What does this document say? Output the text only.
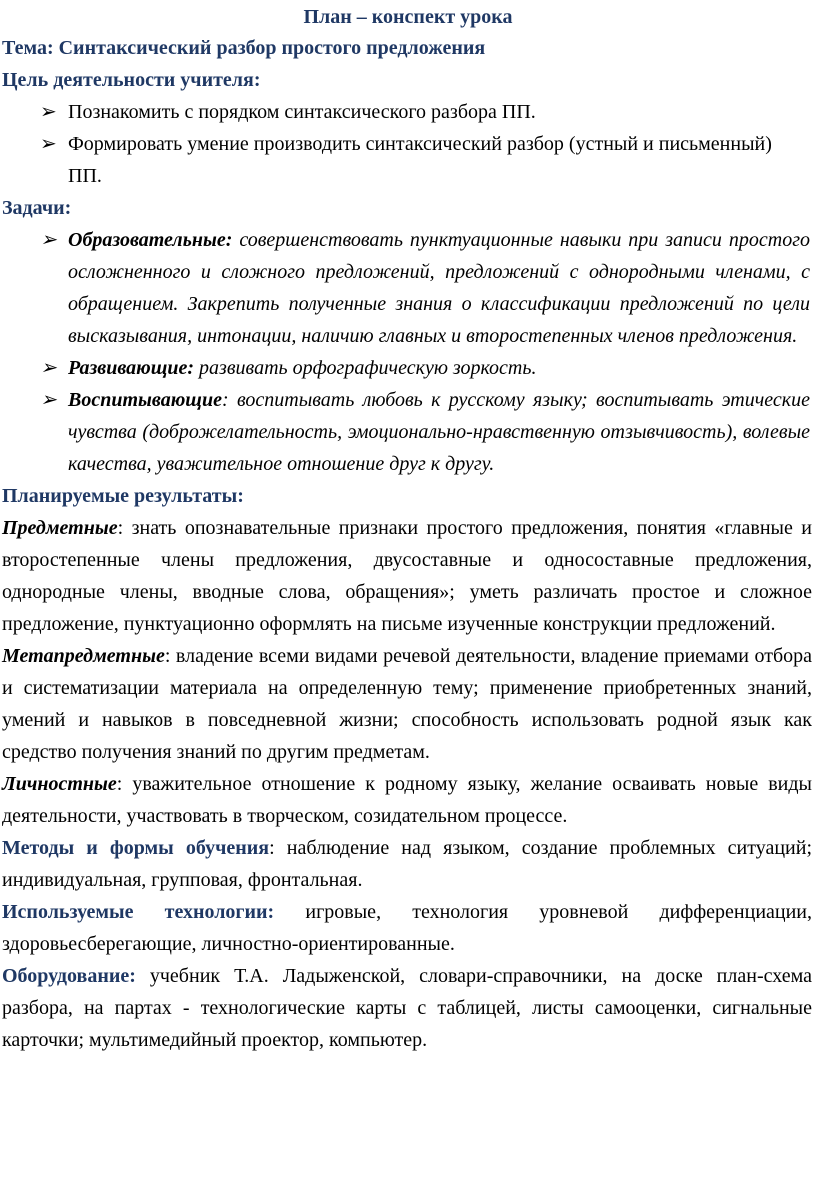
План – конспект урока
Тема: Синтаксический разбор простого предложения
Цель деятельности учителя:
➢ Познакомить с порядком синтаксического разбора ПП.
➢ Формировать умение производить синтаксический разбор (устный и письменный) ПП.
Задачи:
➢ Образовательные: совершенствовать пунктуационные навыки при записи простого осложненного и сложного предложений, предложений с однородными членами, с обращением. Закрепить полученные знания о классификации предложений по цели высказывания, интонации, наличию главных и второстепенных членов предложения.
➢ Развивающие: развивать орфографическую зоркость.
➢ Воспитывающие: воспитывать любовь к русскому языку; воспитывать этические чувства (доброжелательность, эмоционально-нравственную отзывчивость), волевые качества, уважительное отношение друг к другу.
Планируемые результаты:

Предметные: знать опознавательные признаки простого предложения, понятия «главные и второстепенные члены предложения, двусоставные и односоставные предложения, однородные члены, вводные слова, обращения»; уметь различать простое и сложное предложение, пунктуационно оформлять на письме изученные конструкции предложений.

Метапредметные: владение всеми видами речевой деятельности, владение приемами отбора и систематизации материала на определенную тему; применение приобретенных знаний, умений и навыков в повседневной жизни; способность использовать родной язык как средство получения знаний по другим предметам.

Личностные: уважительное отношение к родному языку, желание осваивать новые виды деятельности, участвовать в творческом, созидательном процессе.

Методы и формы обучения: наблюдение над языком, создание проблемных ситуаций; индивидуальная, групповая, фронтальная.

Используемые технологии: игровые, технология уровневой дифференциации, здоровьесберегающие, личностно-ориентированные.

Оборудование: учебник Т.А. Ладыженской, словари-справочники, на доске план-схема разбора, на партах - технологические карты с таблицей, листы самооценки, сигнальные карточки; мультимедийный проектор, компьютер.
